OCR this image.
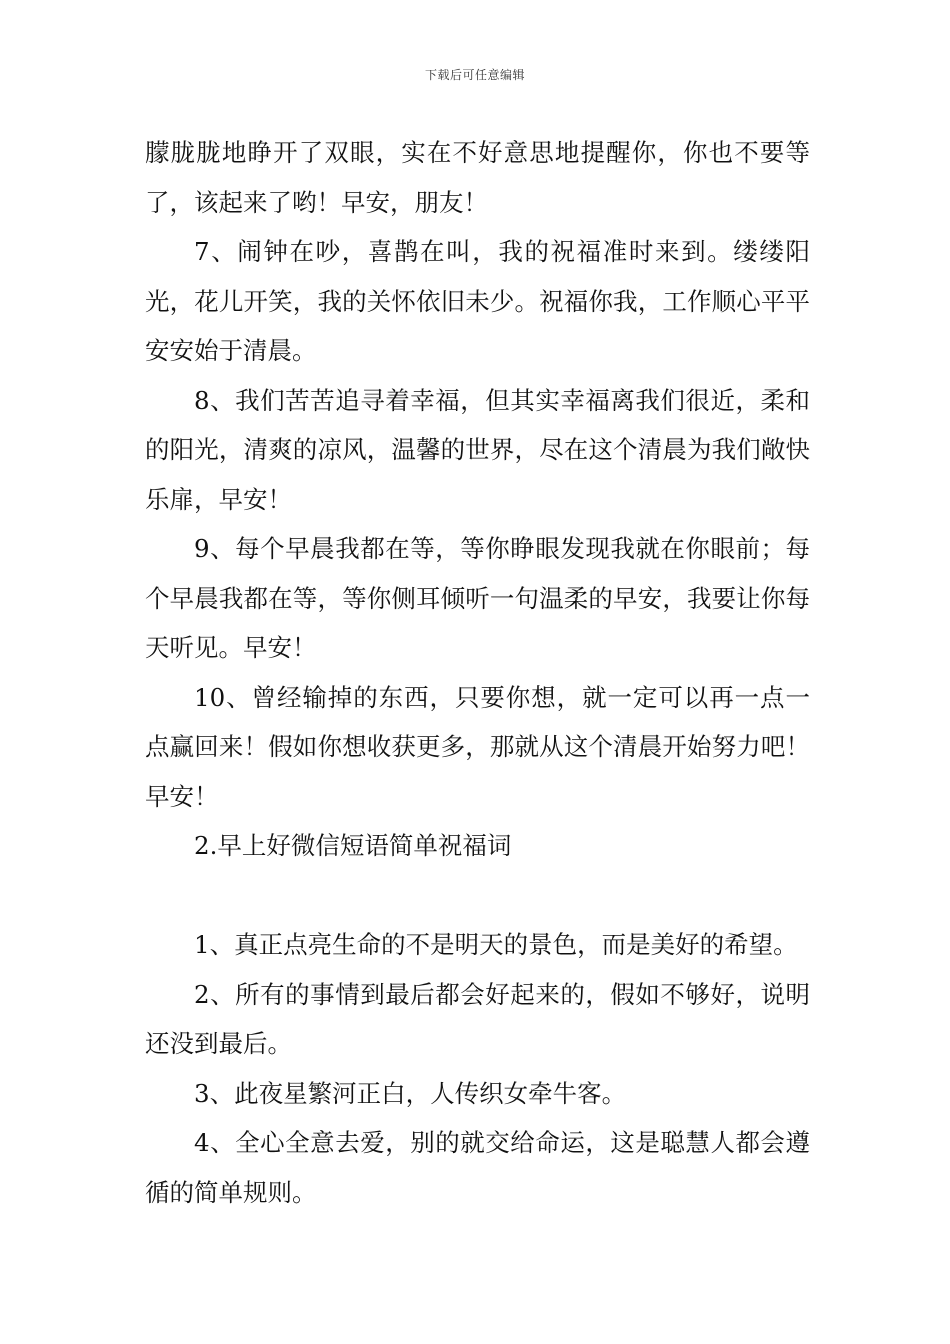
下载后可任意编辑

朦胧胧地睁开了双眼，实在不好意思地提醒你，你也不要等了，该起来了哟！早安，朋友！

7、闹钟在吵，喜鹊在叫，我的祝福准时来到。缕缕阳光，花儿开笑，我的关怀依旧未少。祝福你我，工作顺心平平安安始于清晨。

8、我们苦苦追寻着幸福，但其实幸福离我们很近，柔和的阳光，清爽的凉风，温馨的世界，尽在这个清晨为我们敞快乐扉，早安！

9、每个早晨我都在等，等你睁眼发现我就在你眼前；每个早晨我都在等，等你侧耳倾听一句温柔的早安，我要让你每天听见。早安！

10、曾经输掉的东西，只要你想，就一定可以再一点一点赢回来！假如你想收获更多，那就从这个清晨开始努力吧！早安！

2.早上好微信短语简单祝福词

1、真正点亮生命的不是明天的景色，而是美好的希望。

2、所有的事情到最后都会好起来的，假如不够好，说明还没到最后。

3、此夜星繁河正白，人传织女牵牛客。

4、全心全意去爱，别的就交给命运，这是聪慧人都会遵循的简单规则。
